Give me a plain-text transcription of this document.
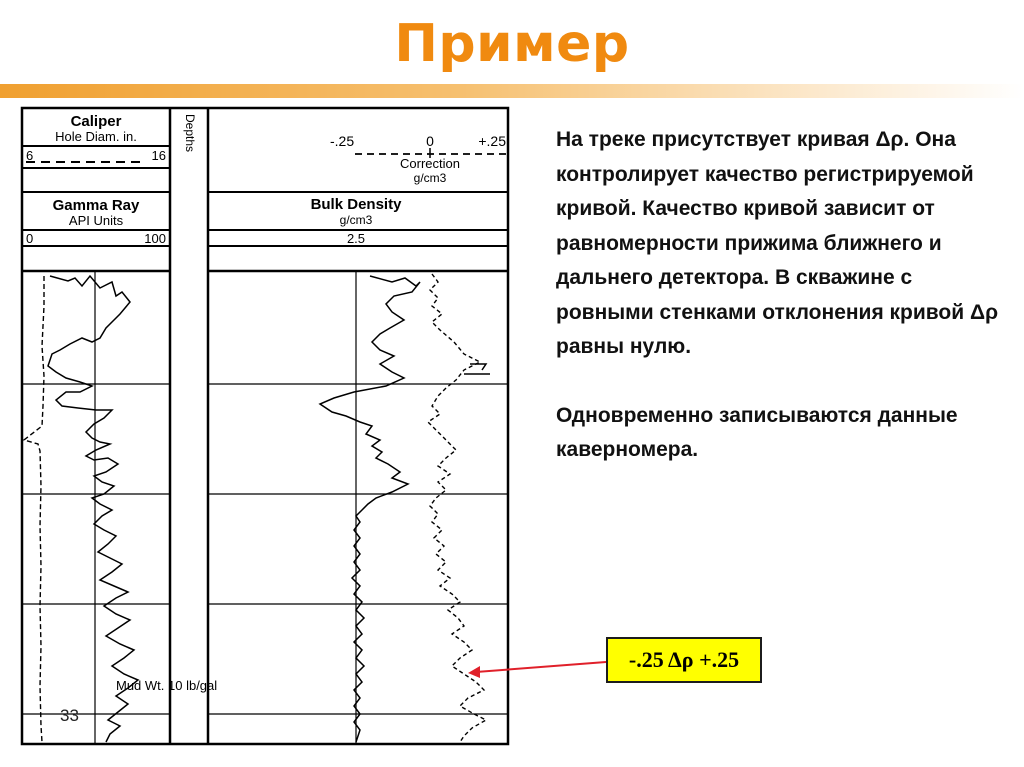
Пример
Caliper
Hole Diam. in.
6	16
Gamma Ray
API Units
0	100
Depths	-.25	0	+.25
Correction
g/cm3
Bulk Density
g/cm3
2.5
Mud Wt. 10 lb/gal
33

На треке присутствует кривая Δρ. Она контролирует качество регистрируемой кривой. Качество кривой зависит от равномерности прижима ближнего и дальнего детектора. В скважине с ровными стенками отклонения кривой Δρ равны нулю.

Одновременно записываются данные каверномера.

-.25 Δρ +.25
